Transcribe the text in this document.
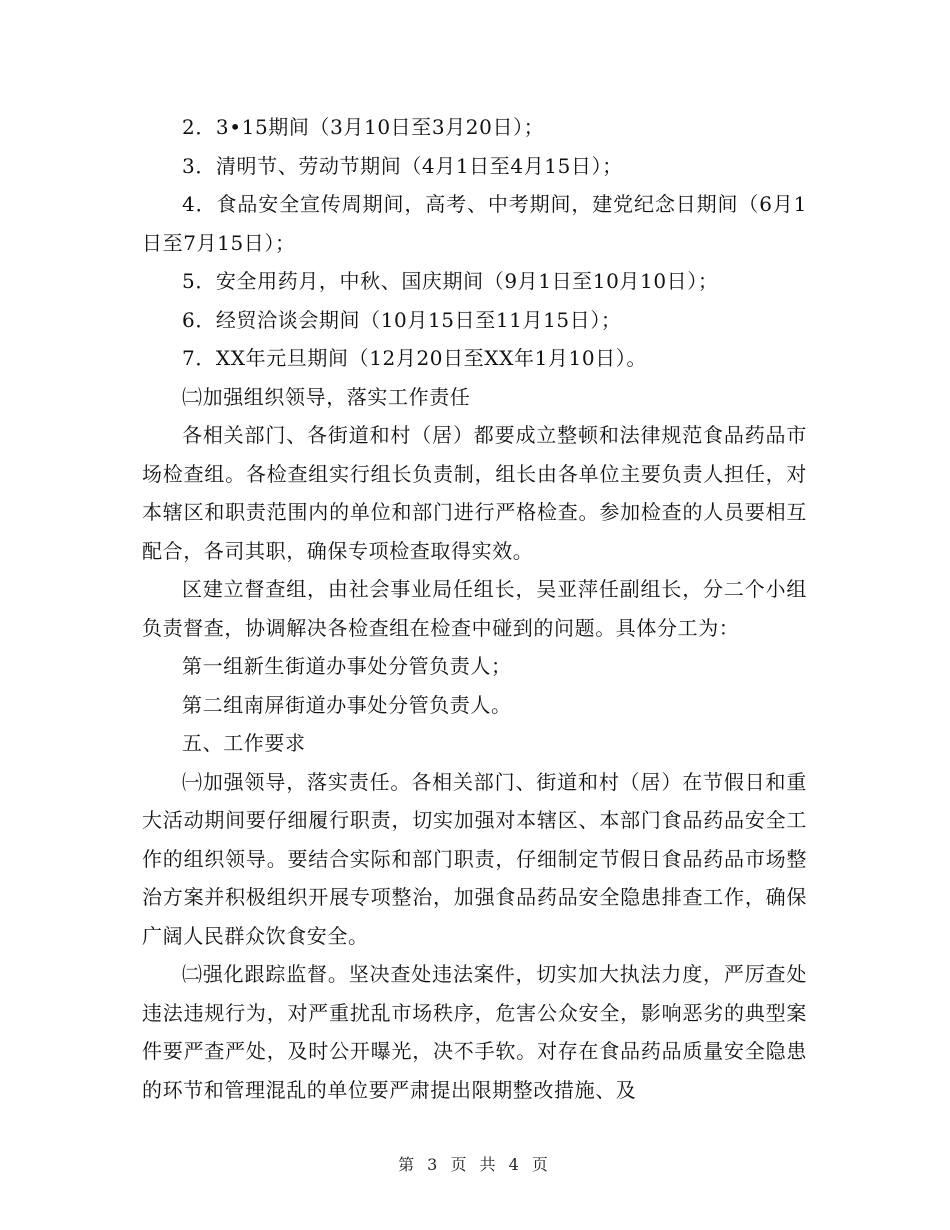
2．3•15期间（3月10日至3月20日）；

3．清明节、劳动节期间（4月1日至4月15日）；

4．食品安全宣传周期间，高考、中考期间，建党纪念日期间（6月1日至7月15日）；

5．安全用药月，中秋、国庆期间（9月1日至10月10日）；

6．经贸洽谈会期间（10月15日至11月15日）；

7．XX年元旦期间（12月20日至XX年1月10日）。

㈡加强组织领导，落实工作责任

各相关部门、各街道和村（居）都要成立整顿和法律规范食品药品市场检查组。各检查组实行组长负责制，组长由各单位主要负责人担任，对本辖区和职责范围内的单位和部门进行严格检查。参加检查的人员要相互配合，各司其职，确保专项检查取得实效。

区建立督查组，由社会事业局任组长，吴亚萍任副组长，分二个小组负责督查，协调解决各检查组在检查中碰到的问题。具体分工为：

第一组新生街道办事处分管负责人；

第二组南屏街道办事处分管负责人。

五、工作要求

㈠加强领导，落实责任。各相关部门、街道和村（居）在节假日和重大活动期间要仔细履行职责，切实加强对本辖区、本部门食品药品安全工作的组织领导。要结合实际和部门职责，仔细制定节假日食品药品市场整治方案并积极组织开展专项整治，加强食品药品安全隐患排查工作，确保广阔人民群众饮食安全。

㈡强化跟踪监督。坚决查处违法案件，切实加大执法力度，严厉查处违法违规行为，对严重扰乱市场秩序，危害公众安全，影响恶劣的典型案件要严查严处，及时公开曝光，决不手软。对存在食品药品质量安全隐患的环节和管理混乱的单位要严肃提出限期整改措施、及

第 3 页 共 4 页
